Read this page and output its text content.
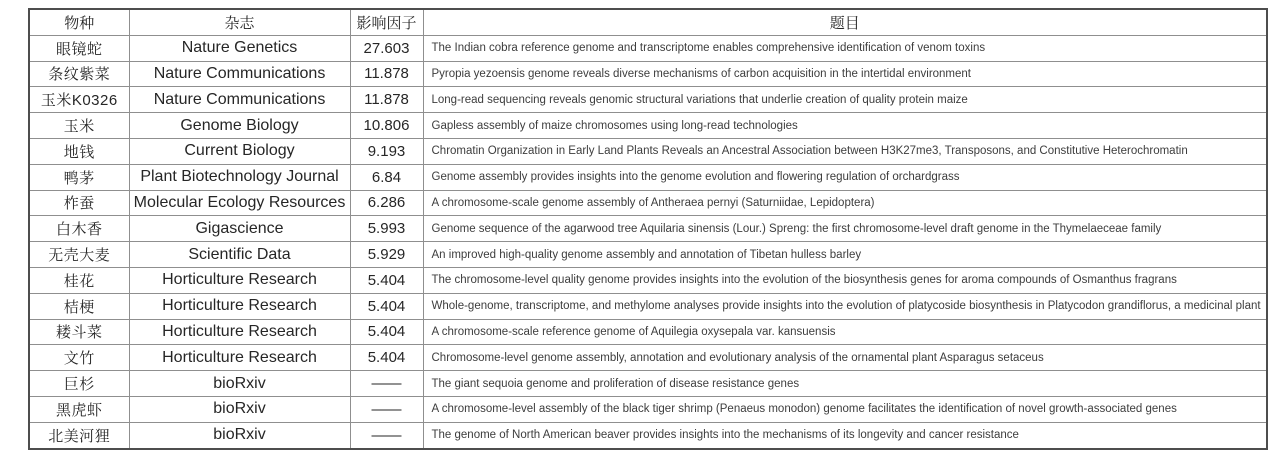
物种	杂志	影响因子	题目
眼镜蛇	Nature Genetics	27.603	The Indian cobra reference genome and transcriptome enables comprehensive identification of venom toxins
条纹紫菜	Nature Communications	11.878	Pyropia yezoensis genome reveals diverse mechanisms of carbon acquisition in the intertidal environment
玉米K0326	Nature Communications	11.878	Long-read sequencing reveals genomic structural variations that underlie creation of quality protein maize
玉米	Genome Biology	10.806	Gapless assembly of maize chromosomes using long-read technologies
地钱	Current Biology	9.193	Chromatin Organization in Early Land Plants Reveals an Ancestral Association between H3K27me3, Transposons, and Constitutive Heterochromatin
鸭茅	Plant Biotechnology Journal	6.84	Genome assembly provides insights into the genome evolution and flowering regulation of orchardgrass
柞蚕	Molecular Ecology Resources	6.286	A chromosome-scale genome assembly of Antheraea pernyi (Saturniidae, Lepidoptera)
白木香	Gigascience	5.993	Genome sequence of the agarwood tree Aquilaria sinensis (Lour.) Spreng: the first chromosome-level draft genome in the Thymelaeceae family
无壳大麦	Scientific Data	5.929	An improved high-quality genome assembly and annotation of Tibetan hulless barley
桂花	Horticulture Research	5.404	The chromosome-level quality genome provides insights into the evolution of the biosynthesis genes for aroma compounds of Osmanthus fragrans
桔梗	Horticulture Research	5.404	Whole-genome, transcriptome, and methylome analyses provide insights into the evolution of platycoside biosynthesis in Platycodon grandiflorus, a medicinal plant
耧斗菜	Horticulture Research	5.404	A chromosome-scale reference genome of Aquilegia oxysepala var. kansuensis
文竹	Horticulture Research	5.404	Chromosome-level genome assembly, annotation and evolutionary analysis of the ornamental plant Asparagus setaceus
巨杉	bioRxiv	——	The giant sequoia genome and proliferation of disease resistance genes
黑虎虾	bioRxiv	——	A chromosome-level assembly of the black tiger shrimp (Penaeus monodon) genome facilitates the identification of novel growth-associated genes
北美河狸	bioRxiv	——	The genome of North American beaver provides insights into the mechanisms of its longevity and cancer resistance
